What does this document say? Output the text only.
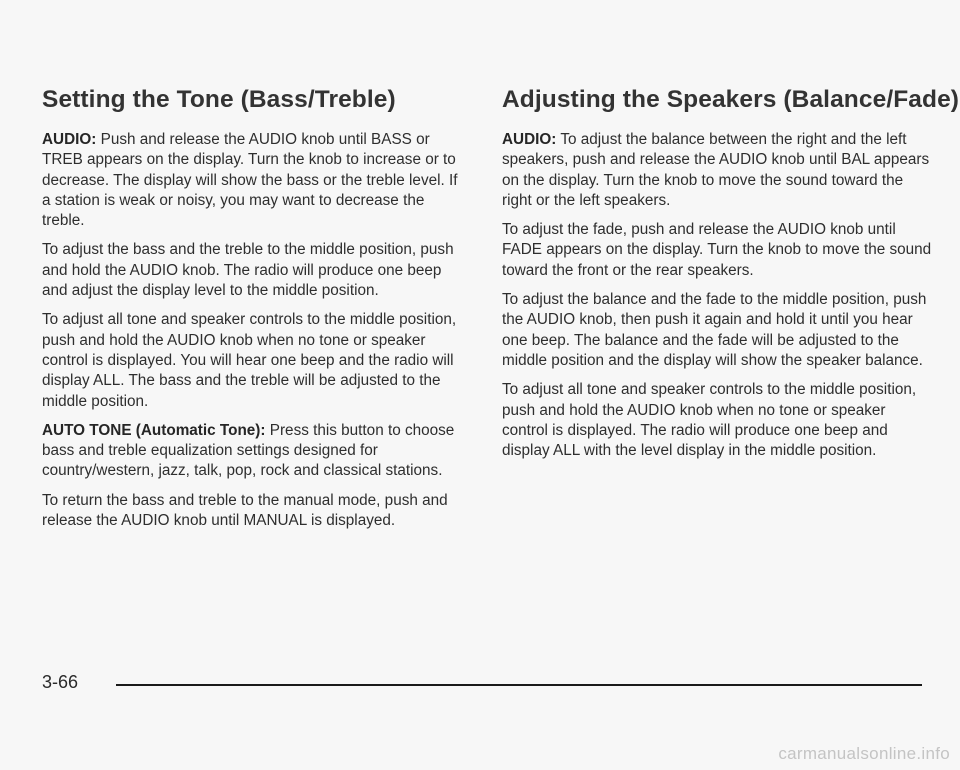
Setting the Tone (Bass/Treble)

AUDIO: Push and release the AUDIO knob until BASS or TREB appears on the display. Turn the knob to increase or to decrease. The display will show the bass or the treble level. If a station is weak or noisy, you may want to decrease the treble.

To adjust the bass and the treble to the middle position, push and hold the AUDIO knob. The radio will produce one beep and adjust the display level to the middle position.

To adjust all tone and speaker controls to the middle position, push and hold the AUDIO knob when no tone or speaker control is displayed. You will hear one beep and the radio will display ALL. The bass and the treble will be adjusted to the middle position.

AUTO TONE (Automatic Tone): Press this button to choose bass and treble equalization settings designed for country/western, jazz, talk, pop, rock and classical stations.

To return the bass and treble to the manual mode, push and release the AUDIO knob until MANUAL is displayed.

Adjusting the Speakers (Balance/Fade)

AUDIO: To adjust the balance between the right and the left speakers, push and release the AUDIO knob until BAL appears on the display. Turn the knob to move the sound toward the right or the left speakers.

To adjust the fade, push and release the AUDIO knob until FADE appears on the display. Turn the knob to move the sound toward the front or the rear speakers.

To adjust the balance and the fade to the middle position, push the AUDIO knob, then push it again and hold it until you hear one beep. The balance and the fade will be adjusted to the middle position and the display will show the speaker balance.

To adjust all tone and speaker controls to the middle position, push and hold the AUDIO knob when no tone or speaker control is displayed. The radio will produce one beep and display ALL with the level display in the middle position.

3-66
carmanualsonline.info
